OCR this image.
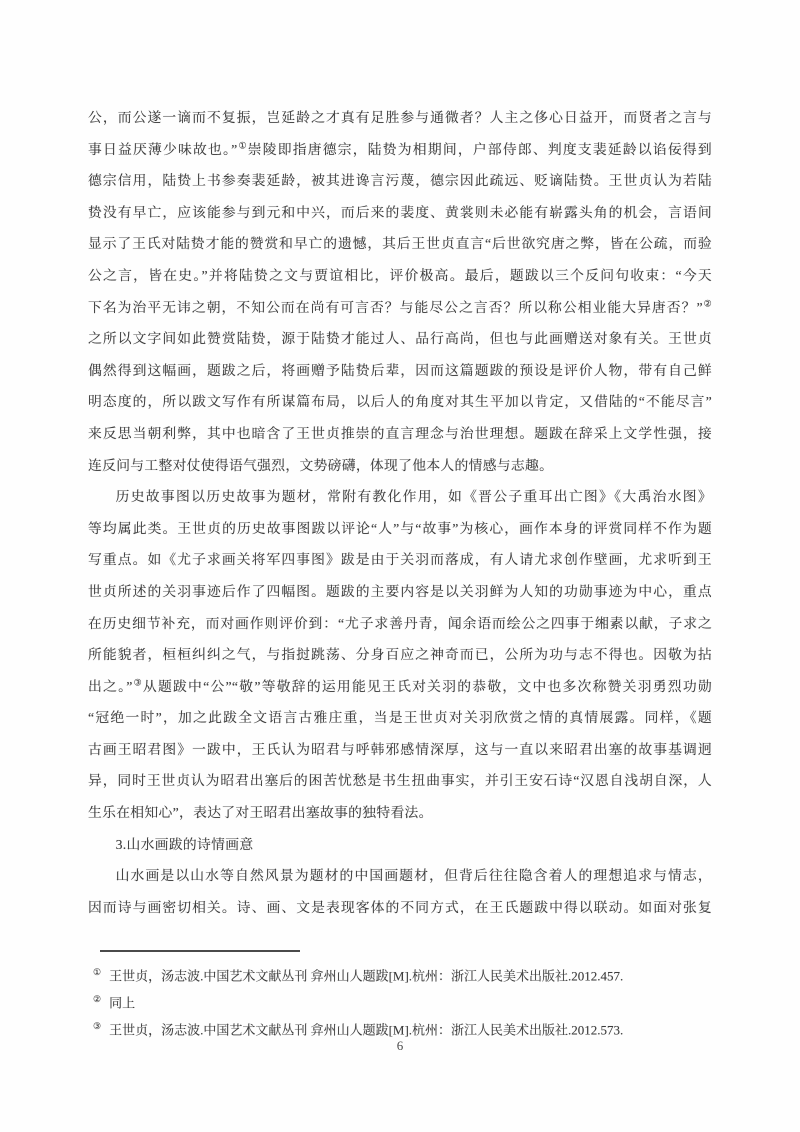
公，而公遂一谪而不复振，岂延龄之才真有足胜参与通微者？人主之侈心日益开，而贤者之言与

事日益厌薄少味故也。”①崇陵即指唐德宗，陆贽为相期间，户部侍郎、判度支裴延龄以谄佞得到

德宗信用，陆贽上书参奏裴延龄，被其进谗言污蔑，德宗因此疏远、贬谪陆贽。王世贞认为若陆

贽没有早亡，应该能参与到元和中兴，而后来的裴度、黄裳则未必能有崭露头角的机会，言语间

显示了王氏对陆贽才能的赞赏和早亡的遗憾，其后王世贞直言“后世欲究唐之弊，皆在公疏，而验

公之言，皆在史。”并将陆贽之文与贾谊相比，评价极高。最后，题跋以三个反问句收束：“今天

下名为治平无讳之朝，不知公而在尚有可言否？与能尽公之言否？所以称公相业能大异唐否？”②

之所以文字间如此赞赏陆贽，源于陆贽才能过人、品行高尚，但也与此画赠送对象有关。王世贞

偶然得到这幅画，题跋之后，将画赠予陆贽后辈，因而这篇题跋的预设是评价人物，带有自己鲜

明态度的，所以跋文写作有所谋篇布局，以后人的角度对其生平加以肯定，又借陆的“不能尽言”

来反思当朝利弊，其中也暗含了王世贞推崇的直言理念与治世理想。题跋在辞采上文学性强，接

连反问与工整对仗使得语气强烈，文势磅礴，体现了他本人的情感与志趣。

历史故事图以历史故事为题材，常附有教化作用，如《晋公子重耳出亡图》《大禹治水图》

等均属此类。王世贞的历史故事图跋以评论“人”与“故事”为核心，画作本身的评赏同样不作为题

写重点。如《尤子求画关将军四事图》跋是由于关羽而落成，有人请尤求创作壁画，尤求听到王

世贞所述的关羽事迹后作了四幅图。题跋的主要内容是以关羽鲜为人知的功勋事迹为中心，重点

在历史细节补充，而对画作则评价到：“尤子求善丹青，闻余语而绘公之四事于缃素以献，子求之

所能貌者，桓桓纠纠之气，与指挝跳荡、分身百应之神奇而已，公所为功与志不得也。因敬为拈

出之。”③从题跋中“公”“敬”等敬辞的运用能见王氏对关羽的恭敬，文中也多次称赞关羽勇烈功勋

“冠绝一时”，加之此跋全文语言古雅庄重，当是王世贞对关羽欣赏之情的真情展露。同样，《题

古画王昭君图》一跋中，王氏认为昭君与呼韩邪感情深厚，这与一直以来昭君出塞的故事基调迥

异，同时王世贞认为昭君出塞后的困苦忧愁是书生扭曲事实，并引王安石诗“汉恩自浅胡自深，人

生乐在相知心”，表达了对王昭君出塞故事的独特看法。

3.山水画跋的诗情画意

山水画是以山水等自然风景为题材的中国画题材，但背后往往隐含着人的理想追求与情志，

因而诗与画密切相关。诗、画、文是表现客体的不同方式，在王氏题跋中得以联动。如面对张复

① 王世贞，汤志波.中国艺术文献丛刊 弇州山人题跋[M].杭州：浙江人民美术出版社.2012.457.

② 同上

③ 王世贞，汤志波.中国艺术文献丛刊 弇州山人题跋[M].杭州：浙江人民美术出版社.2012.573.

6
